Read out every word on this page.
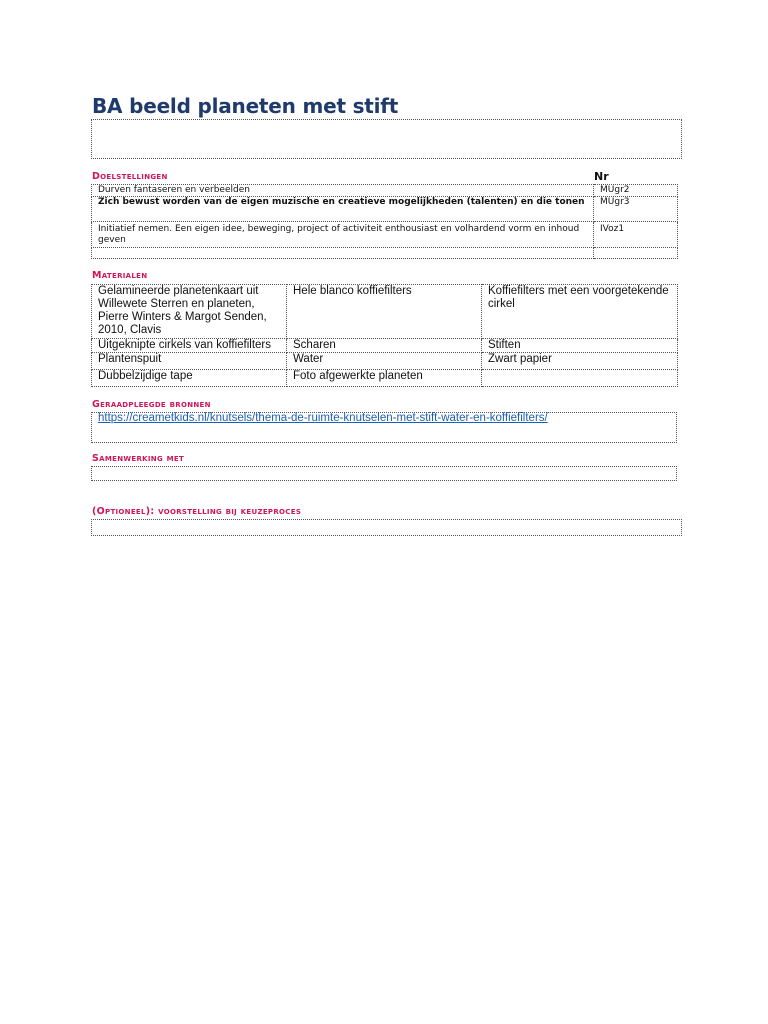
BA beeld planeten met stift
Doelstellingen	Nr
Durven fantaseren en verbeelden	MUgr2
Zich bewust worden van de eigen muzische en creatieve mogelijkheden (talenten) en die tonen	MUgr3
Initiatief nemen. Een eigen idee, beweging, project of activiteit enthousiast en volhardend vorm en inhoud geven	IVoz1

Materialen
Gelamineerde planetenkaart uit Willewete Sterren en planeten, Pierre Winters & Margot Senden, 2010, Clavis	Hele blanco koffiefilters	Koffiefilters met een voorgetekende cirkel
Uitgeknipte cirkels van koffiefilters	Scharen	Stiften
Plantenspuit	Water	Zwart papier
Dubbelzijdige tape	Foto afgewerkte planeten	
Geraadpleegde bronnen
https://creametkids.nl/knutsels/thema-de-ruimte-knutselen-met-stift-water-en-koffiefilters/
Samenwerking met
(Optioneel): voorstelling bij keuzeproces
